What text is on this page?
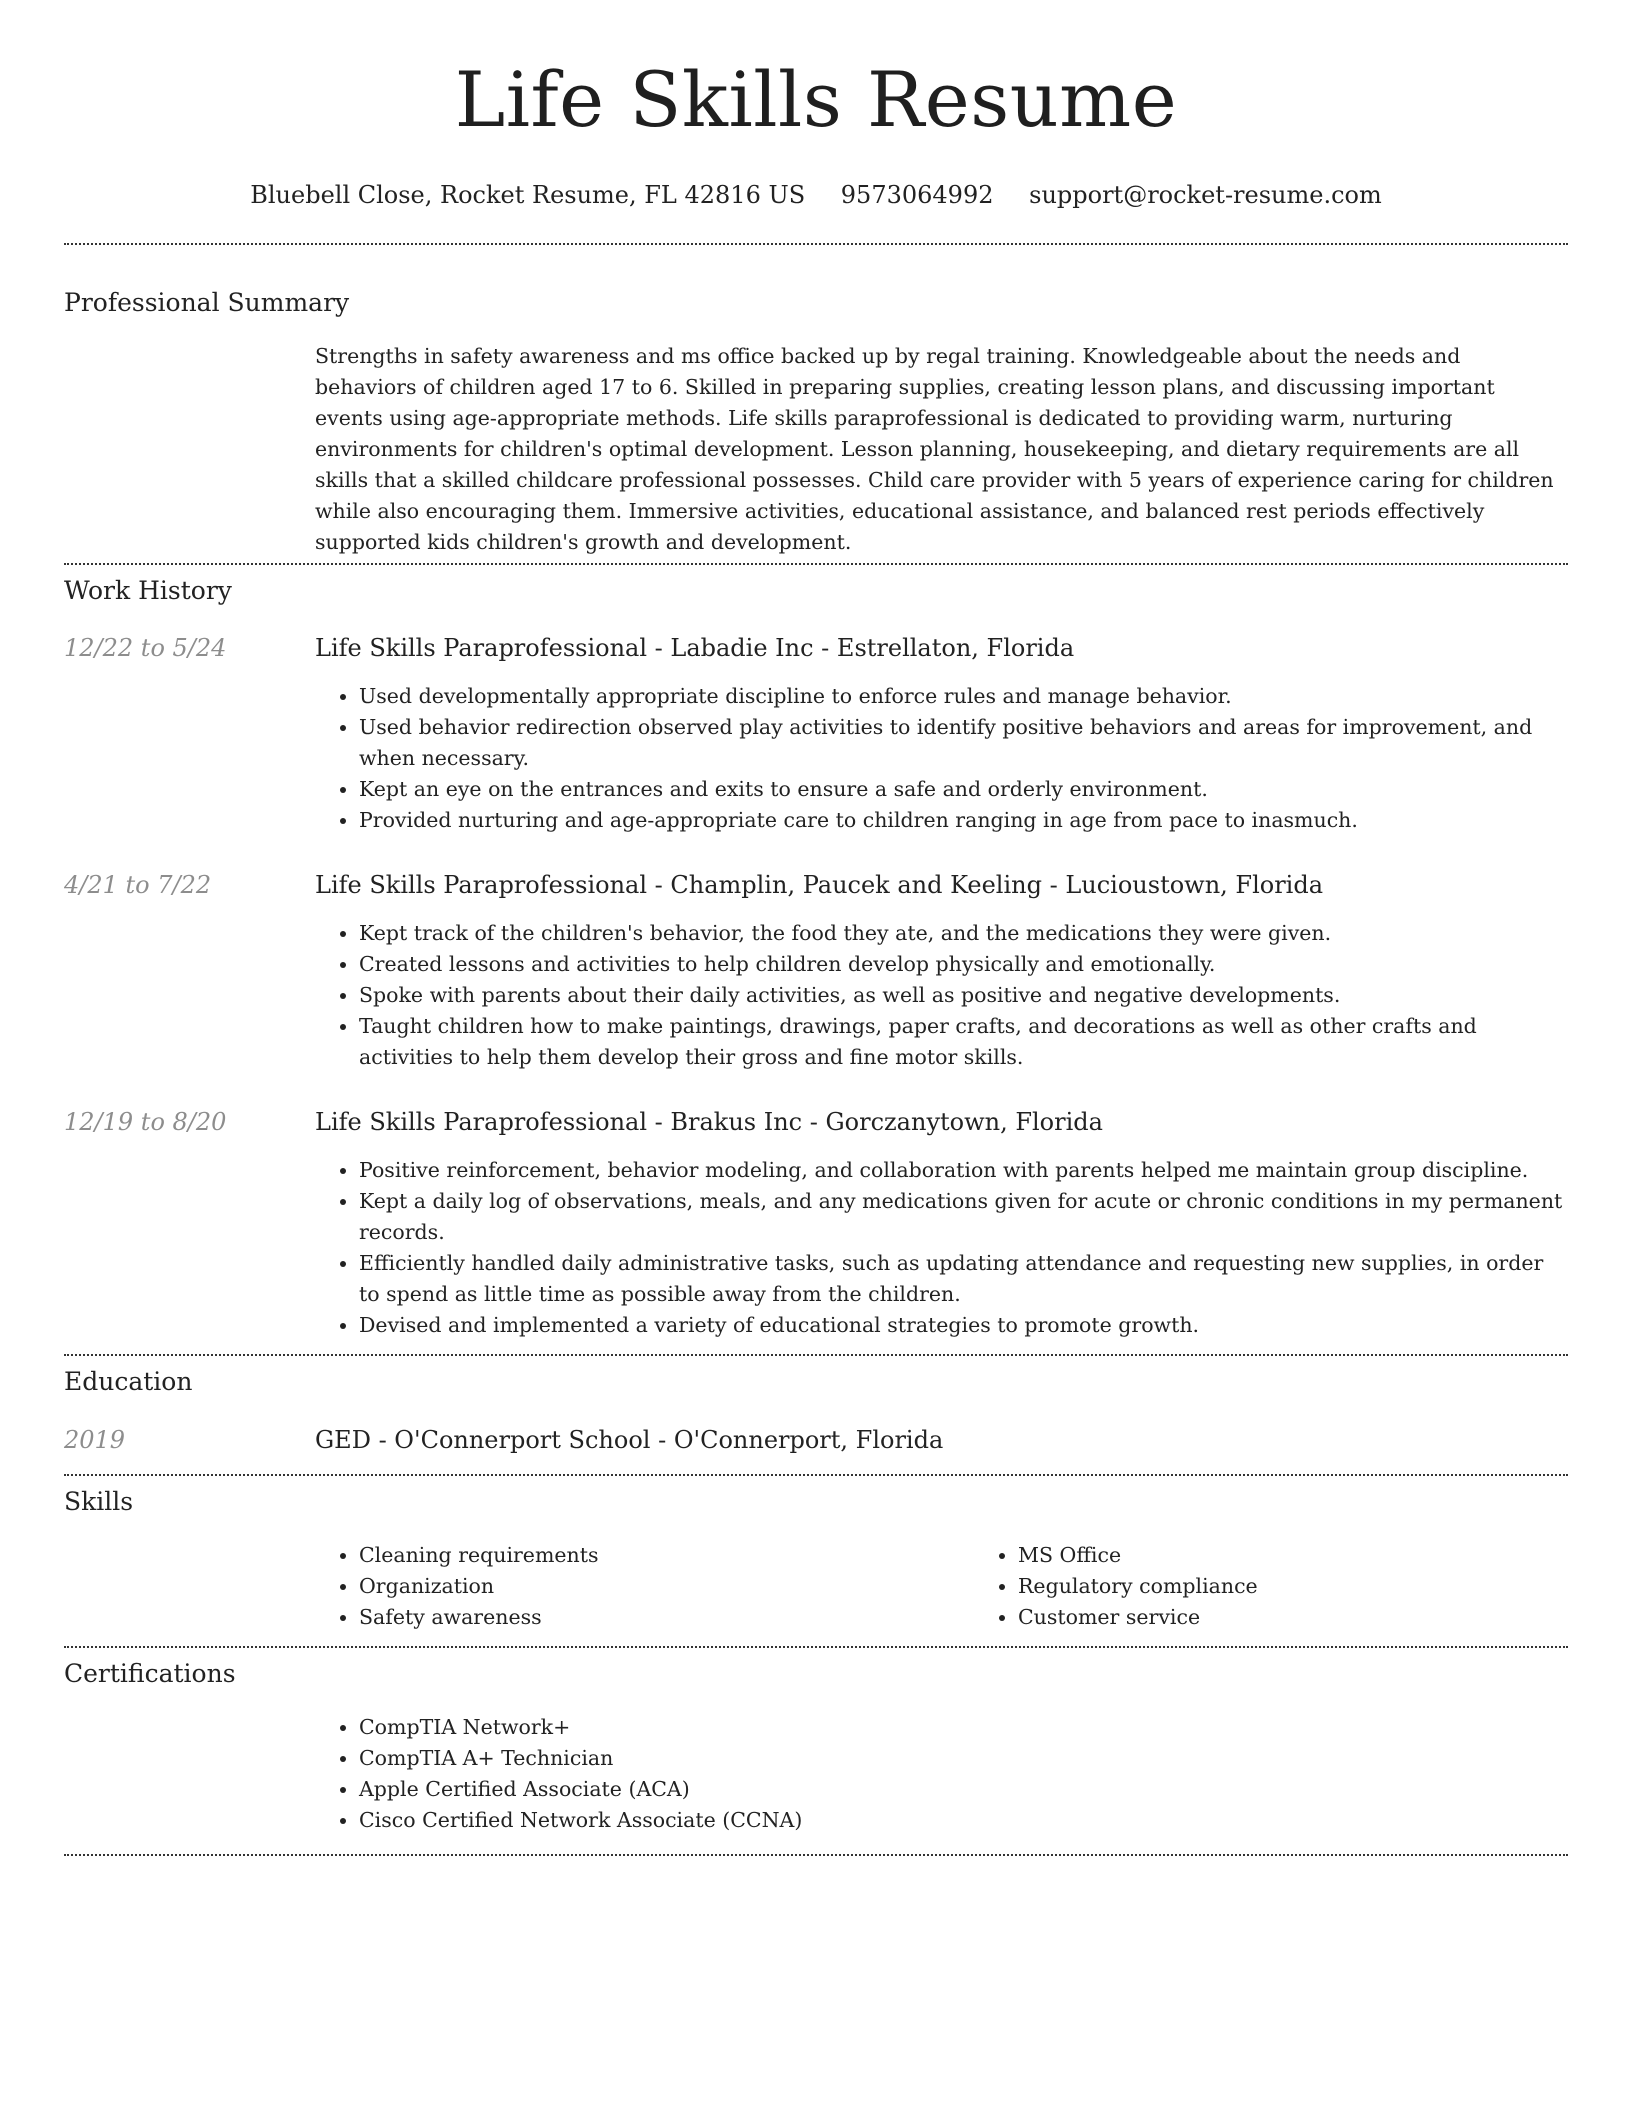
Life Skills Resume
Bluebell Close, Rocket Resume, FL 42816 US 9573064992 support@rocket-resume.com
Professional Summary

Strengths in safety awareness and ms office backed up by regal training. Knowledgeable about the needs and behaviors of children aged 17 to 6. Skilled in preparing supplies, creating lesson plans, and discussing important events using age-appropriate methods. Life skills paraprofessional is dedicated to providing warm, nurturing environments for children's optimal development. Lesson planning, housekeeping, and dietary requirements are all skills that a skilled childcare professional possesses. Child care provider with 5 years of experience caring for children while also encouraging them. Immersive activities, educational assistance, and balanced rest periods effectively supported kids children's growth and development.

Work History
12/22 to 5/24	Life Skills Paraprofessional - Labadie Inc - Estrellaton, Florida
• Used developmentally appropriate discipline to enforce rules and manage behavior.
• Used behavior redirection observed play activities to identify positive behaviors and areas for improvement, and when necessary.
• Kept an eye on the entrances and exits to ensure a safe and orderly environment.
• Provided nurturing and age-appropriate care to children ranging in age from pace to inasmuch.
4/21 to 7/22	Life Skills Paraprofessional - Champlin, Paucek and Keeling - Lucioustown, Florida
• Kept track of the children's behavior, the food they ate, and the medications they were given.
• Created lessons and activities to help children develop physically and emotionally.
• Spoke with parents about their daily activities, as well as positive and negative developments.
• Taught children how to make paintings, drawings, paper crafts, and decorations as well as other crafts and activities to help them develop their gross and fine motor skills.
12/19 to 8/20	Life Skills Paraprofessional - Brakus Inc - Gorczanytown, Florida
• Positive reinforcement, behavior modeling, and collaboration with parents helped me maintain group discipline.
• Kept a daily log of observations, meals, and any medications given for acute or chronic conditions in my permanent records.
• Efficiently handled daily administrative tasks, such as updating attendance and requesting new supplies, in order to spend as little time as possible away from the children.
• Devised and implemented a variety of educational strategies to promote growth.
Education
2019	GED - O'Connerport School - O'Connerport, Florida
Skills
• Cleaning requirements
• Organization
• Safety awareness
• MS Office
• Regulatory compliance
• Customer service
Certifications
• CompTIA Network+
• CompTIA A+ Technician
• Apple Certified Associate (ACA)
• Cisco Certified Network Associate (CCNA)
